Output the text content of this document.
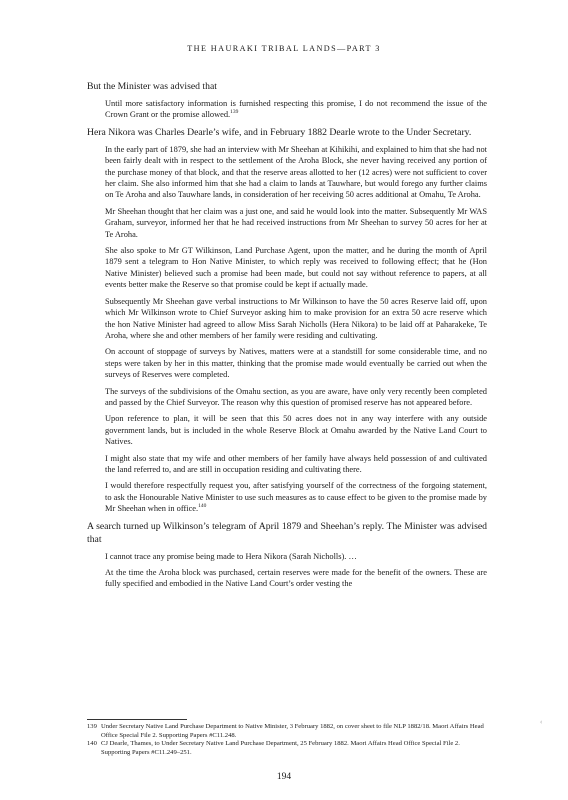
THE HAURAKI TRIBAL LANDS—PART 3

But the Minister was advised that

Until more satisfactory information is furnished respecting this promise, I do not recommend the issue of the Crown Grant or the promise allowed.$^{139}$

Hera Nikora was Charles Dearle’s wife, and in February 1882 Dearle wrote to the Under Secretary.

In the early part of 1879, she had an interview with Mr Sheehan at Kihikihi, and explained to him that she had not been fairly dealt with in respect to the settlement of the Aroha Block, she never having received any portion of the purchase money of that block, and that the reserve areas allotted to her (12 acres) were not sufficient to cover her claim. She also informed him that she had a claim to lands at Tauwhare, but would forego any further claims on Te Aroha and also Tauwhare lands, in consideration of her receiving 50 acres additional at Omahu, Te Aroha.

Mr Sheehan thought that her claim was a just one, and said he would look into the matter. Subsequently Mr WAS Graham, surveyor, informed her that he had received instructions from Mr Sheehan to survey 50 acres for her at Te Aroha.

She also spoke to Mr GT Wilkinson, Land Purchase Agent, upon the matter, and he during the month of April 1879 sent a telegram to Hon Native Minister, to which reply was received to following effect; that he (Hon Native Minister) believed such a promise had been made, but could not say without reference to papers, at all events better make the Reserve so that promise could be kept if actually made.

Subsequently Mr Sheehan gave verbal instructions to Mr Wilkinson to have the 50 acres Reserve laid off, upon which Mr Wilkinson wrote to Chief Surveyor asking him to make provision for an extra 50 acre reserve which the hon Native Minister had agreed to allow Miss Sarah Nicholls (Hera Nikora) to be laid off at Paharakeke, Te Aroha, where she and other members of her family were residing and cultivating.

On account of stoppage of surveys by Natives, matters were at a standstill for some considerable time, and no steps were taken by her in this matter, thinking that the promise made would eventually be carried out when the surveys of Reserves were completed.

The surveys of the subdivisions of the Omahu section, as you are aware, have only very recently been completed and passed by the Chief Surveyor. The reason why this question of promised reserve has not appeared before.

Upon reference to plan, it will be seen that this 50 acres does not in any way interfere with any outside government lands, but is included in the whole Reserve Block at Omahu awarded by the Native Land Court to Natives.

I might also state that my wife and other members of her family have always held possession of and cultivated the land referred to, and are still in occupation residing and cultivating there.

I would therefore respectfully request you, after satisfying yourself of the correctness of the forgoing statement, to ask the Honourable Native Minister to use such measures as to cause effect to be given to the promise made by Mr Sheehan when in office.$^{140}$

A search turned up Wilkinson’s telegram of April 1879 and Sheehan’s reply. The Minister was advised that

I cannot trace any promise being made to Hera Nikora (Sarah Nicholls). …

At the time the Aroha block was purchased, certain reserves were made for the benefit of the owners. These are fully specified and embodied in the Native Land Court’s order vesting the

139 Under Secretary Native Land Purchase Department to Native Minister, 3 February 1882, on cover sheet to file NLP 1882/18. Maori Affairs Head Office Special File 2. Supporting Papers #C11.248.
140 CJ Dearle, Thames, to Under Secretary Native Land Purchase Department, 25 February 1882. Maori Affairs Head Office Special File 2. Supporting Papers #C11.249–251.
‹
194
